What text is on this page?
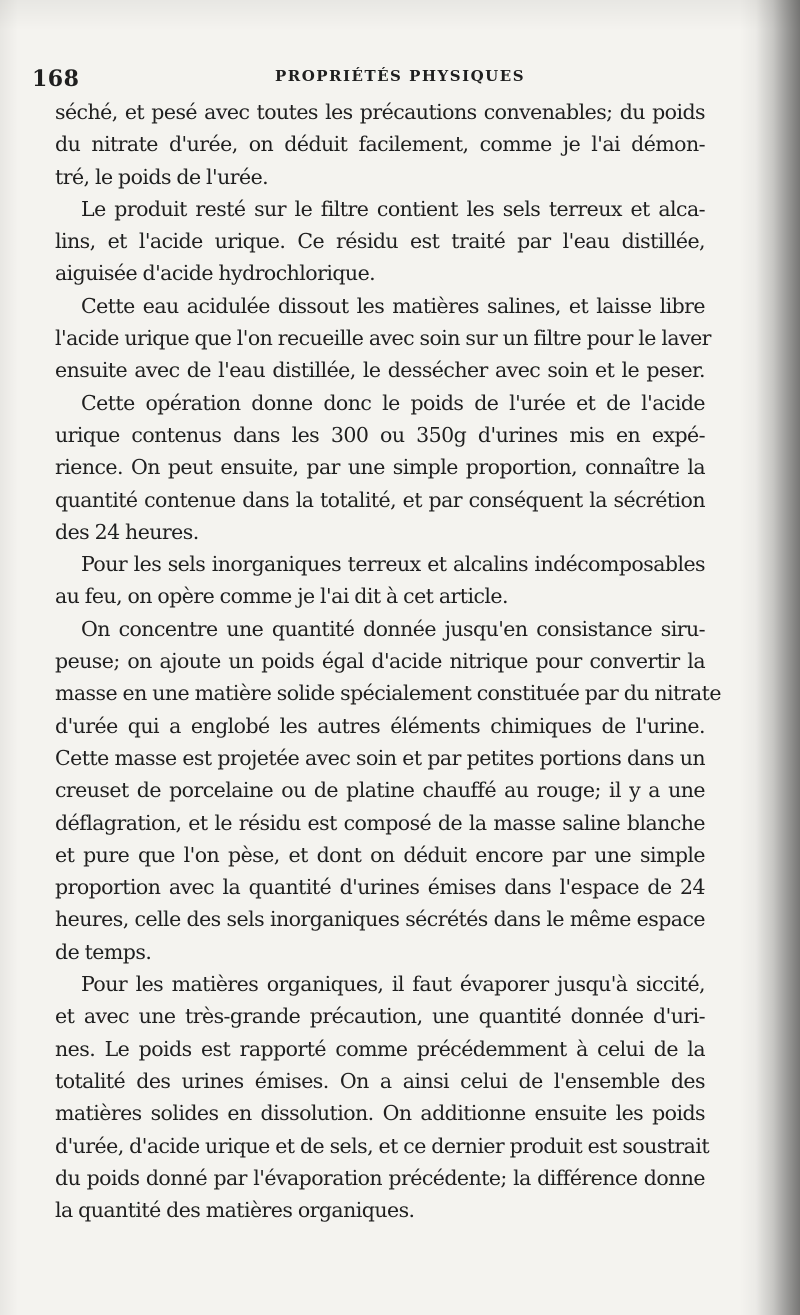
168	PROPRIÉTÉS PHYSIQUES
séché, et pesé avec toutes les précautions convenables; du poids
du nitrate d'urée, on déduit facilement, comme je l'ai démon-
tré, le poids de l'urée.
Le produit resté sur le filtre contient les sels terreux et alca-
lins, et l'acide urique. Ce résidu est traité par l'eau distillée,
aiguisée d'acide hydrochlorique.
Cette eau acidulée dissout les matières salines, et laisse libre
l'acide urique que l'on recueille avec soin sur un filtre pour le laver
ensuite avec de l'eau distillée, le dessécher avec soin et le peser.
Cette opération donne donc le poids de l'urée et de l'acide
urique contenus dans les 300 ou 350g d'urines mis en expé-
rience. On peut ensuite, par une simple proportion, connaître la
quantité contenue dans la totalité, et par conséquent la sécrétion
des 24 heures.
Pour les sels inorganiques terreux et alcalins indécomposables
au feu, on opère comme je l'ai dit à cet article.
On concentre une quantité donnée jusqu'en consistance siru-
peuse; on ajoute un poids égal d'acide nitrique pour convertir la
masse en une matière solide spécialement constituée par du nitrate
d'urée qui a englobé les autres éléments chimiques de l'urine.
Cette masse est projetée avec soin et par petites portions dans un
creuset de porcelaine ou de platine chauffé au rouge; il y a une
déflagration, et le résidu est composé de la masse saline blanche
et pure que l'on pèse, et dont on déduit encore par une simple
proportion avec la quantité d'urines émises dans l'espace de 24
heures, celle des sels inorganiques sécrétés dans le même espace
de temps.
Pour les matières organiques, il faut évaporer jusqu'à siccité,
et avec une très-grande précaution, une quantité donnée d'uri-
nes. Le poids est rapporté comme précédemment à celui de la
totalité des urines émises. On a ainsi celui de l'ensemble des
matières solides en dissolution. On additionne ensuite les poids
d'urée, d'acide urique et de sels, et ce dernier produit est soustrait
du poids donné par l'évaporation précédente; la différence donne
la quantité des matières organiques.
